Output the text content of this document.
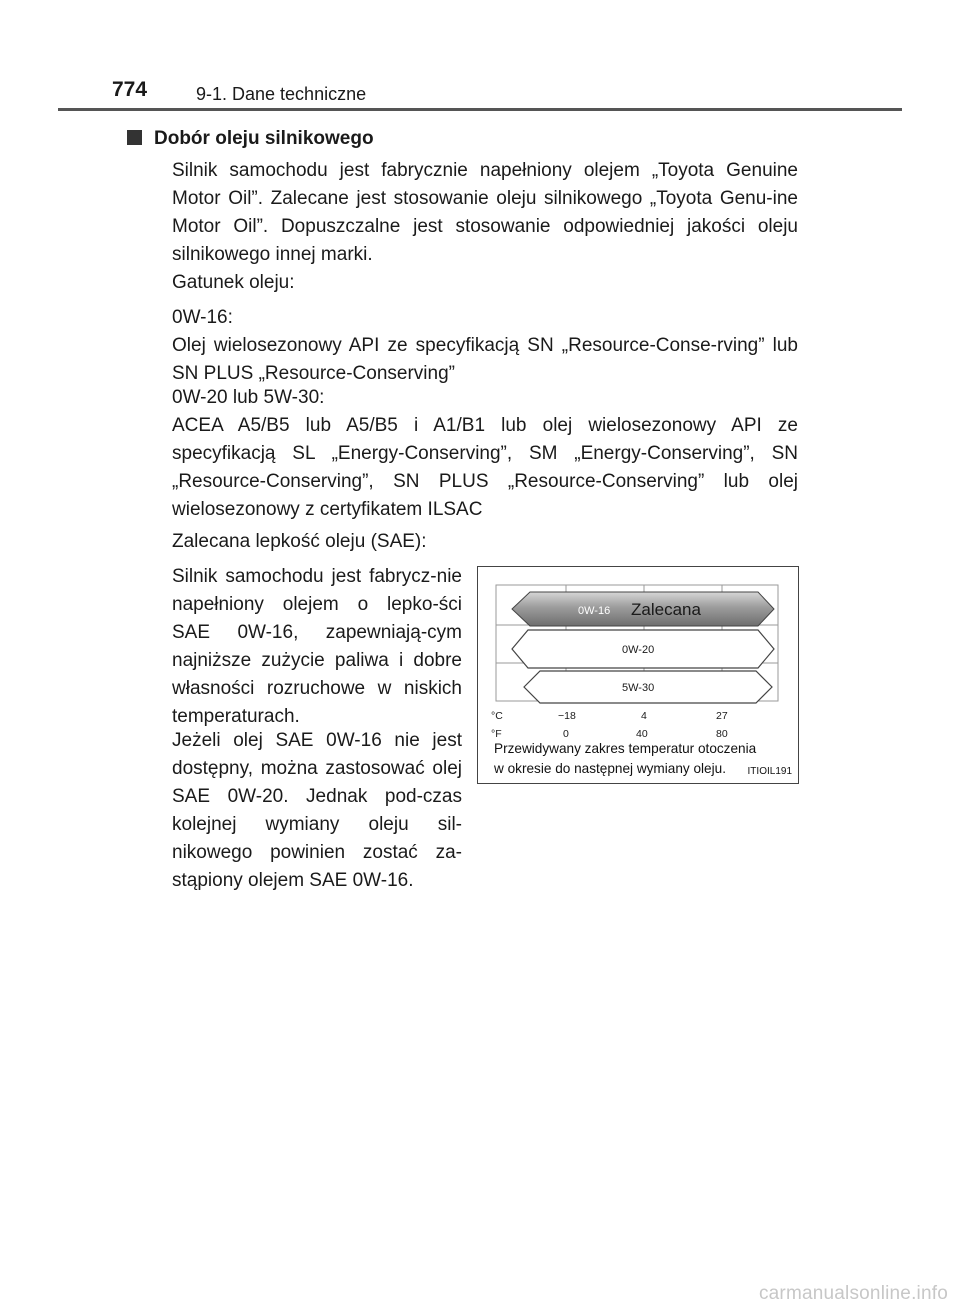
774	9-1. Dane techniczne
Dobór oleju silnikowego

Silnik samochodu jest fabrycznie napełniony olejem „Toyota Genuine Motor Oil”. Zalecane jest stosowanie oleju silnikowego „Toyota Genu-ine Motor Oil”. Dopuszczalne jest stosowanie odpowiedniej jakości oleju silnikowego innej marki.

Gatunek oleju:

0W-16:

Olej wielosezonowy API ze specyfikacją SN „Resource-Conse-rving” lub SN PLUS „Resource-Conserving”

0W-20 lub 5W-30:

ACEA A5/B5 lub A5/B5 i A1/B1 lub olej wielosezonowy API ze specyfikacją SL „Energy-Conserving”, SM „Energy-Conserving”, SN „Resource-Conserving”, SN PLUS „Resource-Conserving” lub olej wielosezonowy z certyfikatem ILSAC

Zalecana lepkość oleju (SAE):

Silnik samochodu jest fabrycz-nie napełniony olejem o lepko-ści SAE 0W-16, zapewniają-cym najniższe zużycie paliwa i dobre własności rozruchowe w niskich temperaturach.

Jeżeli olej SAE 0W-16 nie jest dostępny, można zastosować olej SAE 0W-20. Jednak pod-czas kolejnej wymiany oleju sil-nikowego powinien zostać za-stąpiony olejem SAE 0W-16.

0W-16 Zalecana
0W-20
5W-30
°C	−18	4	27
°F	0	40	80
Przewidywany zakres temperatur otoczenia
w okresie do następnej wymiany oleju.	ITIOIL191
carmanualsonline.info
